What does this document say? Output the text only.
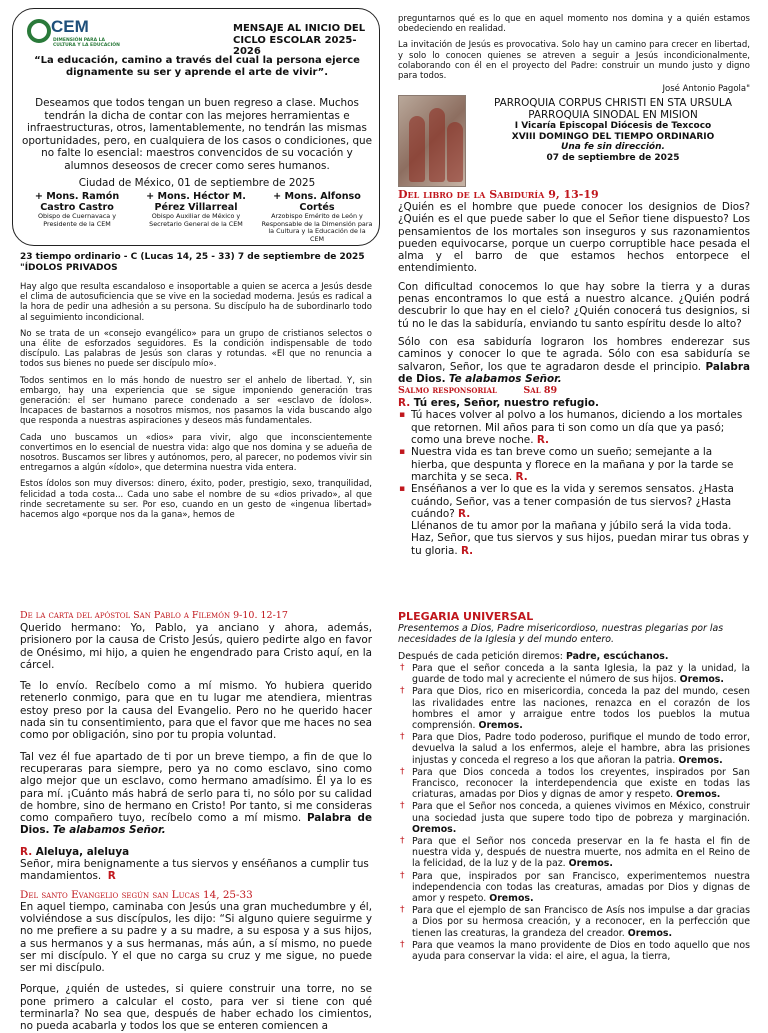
CEM
DIMENSIÓN PARA LA CULTURA Y LA EDUCACIÓN
MENSAJE AL INICIO DEL
CICLO ESCOLAR 2025-2026
“La educación, camino a través del cual la persona ejerce dignamente su ser y aprende el arte de vivir”.
Deseamos que todos tengan un buen regreso a clase. Muchos tendrán la dicha de contar con las mejores herramientas e infraestructuras, otros, lamentablemente, no tendrán las mismas oportunidades, pero, en cualquiera de los casos o condiciones, que no falte lo esencial: maestros convencidos de su vocación y alumnos deseosos de crecer como seres humanos.
Ciudad de México, 01 de septiembre de 2025
+ Mons. Ramón Castro Castro
Obispo de Cuernavaca y Presidente de la CEM
+ Mons. Héctor M. Pérez Villarreal
Obispo Auxiliar de México y Secretario General de la CEM
+ Mons. Alfonso Cortés
Arzobispo Emérito de León y Responsable de la Dimensión para la Cultura y la Educación de la CEM
23 tiempo ordinario - C (Lucas 14, 25 - 33) 7 de septiembre de 2025
"ÍDOLOS PRIVADOS

Hay algo que resulta escandaloso e insoportable a quien se acerca a Jesús desde el clima de autosuficiencia que se vive en la sociedad moderna. Jesús es radical a la hora de pedir una adhesión a su persona. Su discípulo ha de subordinarlo todo al seguimiento incondicional.

No se trata de un «consejo evangélico» para un grupo de cristianos selectos o una élite de esforzados seguidores. Es la condición indispensable de todo discípulo. Las palabras de Jesús son claras y rotundas. «El que no renuncia a todos sus bienes no puede ser discípulo mío».

Todos sentimos en lo más hondo de nuestro ser el anhelo de libertad. Y, sin embargo, hay una experiencia que se sigue imponiendo generación tras generación: el ser humano parece condenado a ser «esclavo de ídolos». Incapaces de bastarnos a nosotros mismos, nos pasamos la vida buscando algo que responda a nuestras aspiraciones y deseos más fundamentales.

Cada uno buscamos un «dios» para vivir, algo que inconscientemente convertimos en lo esencial de nuestra vida: algo que nos domina y se adueña de nosotros. Buscamos ser libres y autónomos, pero, al parecer, no podemos vivir sin entregarnos a algún «ídolo», que determina nuestra vida entera.

Estos ídolos son muy diversos: dinero, éxito, poder, prestigio, sexo, tranquilidad, felicidad a toda costa... Cada uno sabe el nombre de su «dios privado», al que rinde secretamente su ser. Por eso, cuando en un gesto de «ingenua libertad» hacemos algo «porque nos da la gana», hemos de

preguntarnos qué es lo que en aquel momento nos domina y a quién estamos obedeciendo en realidad.

La invitación de Jesús es provocativa. Solo hay un camino para crecer en libertad, y solo lo conocen quienes se atreven a seguir a Jesús incondicionalmente, colaborando con él en el proyecto del Padre: construir un mundo justo y digno para todos.

José Antonio Pagola"

PARROQUIA CORPUS CHRISTI EN STA URSULA
PARROQUIA SINODAL EN MISION
I Vicaría Episcopal Diócesis de Texcoco
XVIII DOMINGO DEL TIEMPO ORDINARIO
Una fe sin dirección.
07 de septiembre de 2025
Del libro de la Sabiduría 9, 13-19

¿Quién es el hombre que puede conocer los designios de Dios? ¿Quién es el que puede saber lo que el Señor tiene dispuesto? Los pensamientos de los mortales son inseguros y sus razonamientos pueden equivocarse, porque un cuerpo corruptible hace pesada el alma y el barro de que estamos hechos entorpece el entendimiento.

Con dificultad conocemos lo que hay sobre la tierra y a duras penas encontramos lo que está a nuestro alcance. ¿Quién podrá descubrir lo que hay en el cielo? ¿Quién conocerá tus designios, si tú no le das la sabiduría, enviando tu santo espíritu desde lo alto?

Sólo con esa sabiduría lograron los hombres enderezar sus caminos y conocer lo que te agrada. Sólo con esa sabiduría se salvaron, Señor, los que te agradaron desde el principio. Palabra de Dios. Te alabamos Señor.

Salmo responsorial	Sal 89

R. Tú eres, Señor, nuestro refugio.

▪ Tú haces volver al polvo a los humanos, diciendo a los mortales que retornen. Mil años para ti son como un día que ya pasó; como una breve noche. R.

▪ Nuestra vida es tan breve como un sueño; semejante a la hierba, que despunta y florece en la mañana y por la tarde se marchita y se seca. R.

▪ Enséñanos a ver lo que es la vida y seremos sensatos. ¿Hasta cuándo, Señor, vas a tener compasión de tus siervos? ¿Hasta cuándo? R.

Llénanos de tu amor por la mañana y júbilo será la vida toda. Haz, Señor, que tus siervos y sus hijos, puedan mirar tus obras y tu gloria. R.

De la carta del apóstol San Pablo a Filemón 9-10. 12-17

Querido hermano: Yo, Pablo, ya anciano y ahora, además, prisionero por la causa de Cristo Jesús, quiero pedirte algo en favor de Onésimo, mi hijo, a quien he engendrado para Cristo aquí, en la cárcel.

Te lo envío. Recíbelo como a mí mismo. Yo hubiera querido retenerlo conmigo, para que en tu lugar me atendiera, mientras estoy preso por la causa del Evangelio. Pero no he querido hacer nada sin tu consentimiento, para que el favor que me haces no sea como por obligación, sino por tu propia voluntad.

Tal vez él fue apartado de ti por un breve tiempo, a fin de que lo recuperaras para siempre, pero ya no como esclavo, sino como algo mejor que un esclavo, como hermano amadísimo. Él ya lo es para mí. ¡Cuánto más habrá de serlo para ti, no sólo por su calidad de hombre, sino de hermano en Cristo! Por tanto, si me consideras como compañero tuyo, recíbelo como a mí mismo. Palabra de Dios. Te alabamos Señor.

R. Aleluya, aleluya

Señor, mira benignamente a tus siervos y enséñanos a cumplir tus mandamientos. R

Del santo Evangelio según san Lucas 14, 25-33

En aquel tiempo, caminaba con Jesús una gran muchedumbre y él, volviéndose a sus discípulos, les dijo: “Si alguno quiere seguirme y no me prefiere a su padre y a su madre, a su esposa y a sus hijos, a sus hermanos y a sus hermanas, más aún, a sí mismo, no puede ser mi discípulo. Y el que no carga su cruz y me sigue, no puede ser mi discípulo.

Porque, ¿quién de ustedes, si quiere construir una torre, no se pone primero a calcular el costo, para ver si tiene con qué terminarla? No sea que, después de haber echado los cimientos, no pueda acabarla y todos los que se enteren comiencen a

PLEGARIA UNIVERSAL

Presentemos a Dios, Padre misericordioso, nuestras plegarias por las necesidades de la Iglesia y del mundo entero.

Después de cada petición diremos: Padre, escúchanos.

† Para que el señor conceda a la santa Iglesia, la paz y la unidad, la guarde de todo mal y acreciente el número de sus hijos. Oremos.

† Para que Dios, rico en misericordia, conceda la paz del mundo, cesen las rivalidades entre las naciones, renazca en el corazón de los hombres el amor y arraigue entre todos los pueblos la mutua comprensión. Oremos.

† Para que Dios, Padre todo poderoso, purifique el mundo de todo error, devuelva la salud a los enfermos, aleje el hambre, abra las prisiones injustas y conceda el regreso a los que añoran la patria. Oremos.

† Para que Dios conceda a todos los creyentes, inspirados por San Francisco, reconocer la interdependencia que existe en todas las criaturas, amadas por Dios y dignas de amor y respeto. Oremos.

† Para que el Señor nos conceda, a quienes vivimos en México, construir una sociedad justa que supere todo tipo de pobreza y marginación. Oremos.

† Para que el Señor nos conceda preservar en la fe hasta el fin de nuestra vida y, después de nuestra muerte, nos admita en el Reino de la felicidad, de la luz y de la paz. Oremos.

† Para que, inspirados por san Francisco, experimentemos nuestra independencia con todas las creaturas, amadas por Dios y dignas de amor y respeto. Oremos.

† Para que el ejemplo de san Francisco de Asís nos impulse a dar gracias a Dios por su hermosa creación, y a reconocer, en la perfección que tienen las creaturas, la grandeza del creador. Oremos.

† Para que veamos la mano providente de Dios en todo aquello que nos ayuda para conservar la vida: el aire, el agua, la tierra,
